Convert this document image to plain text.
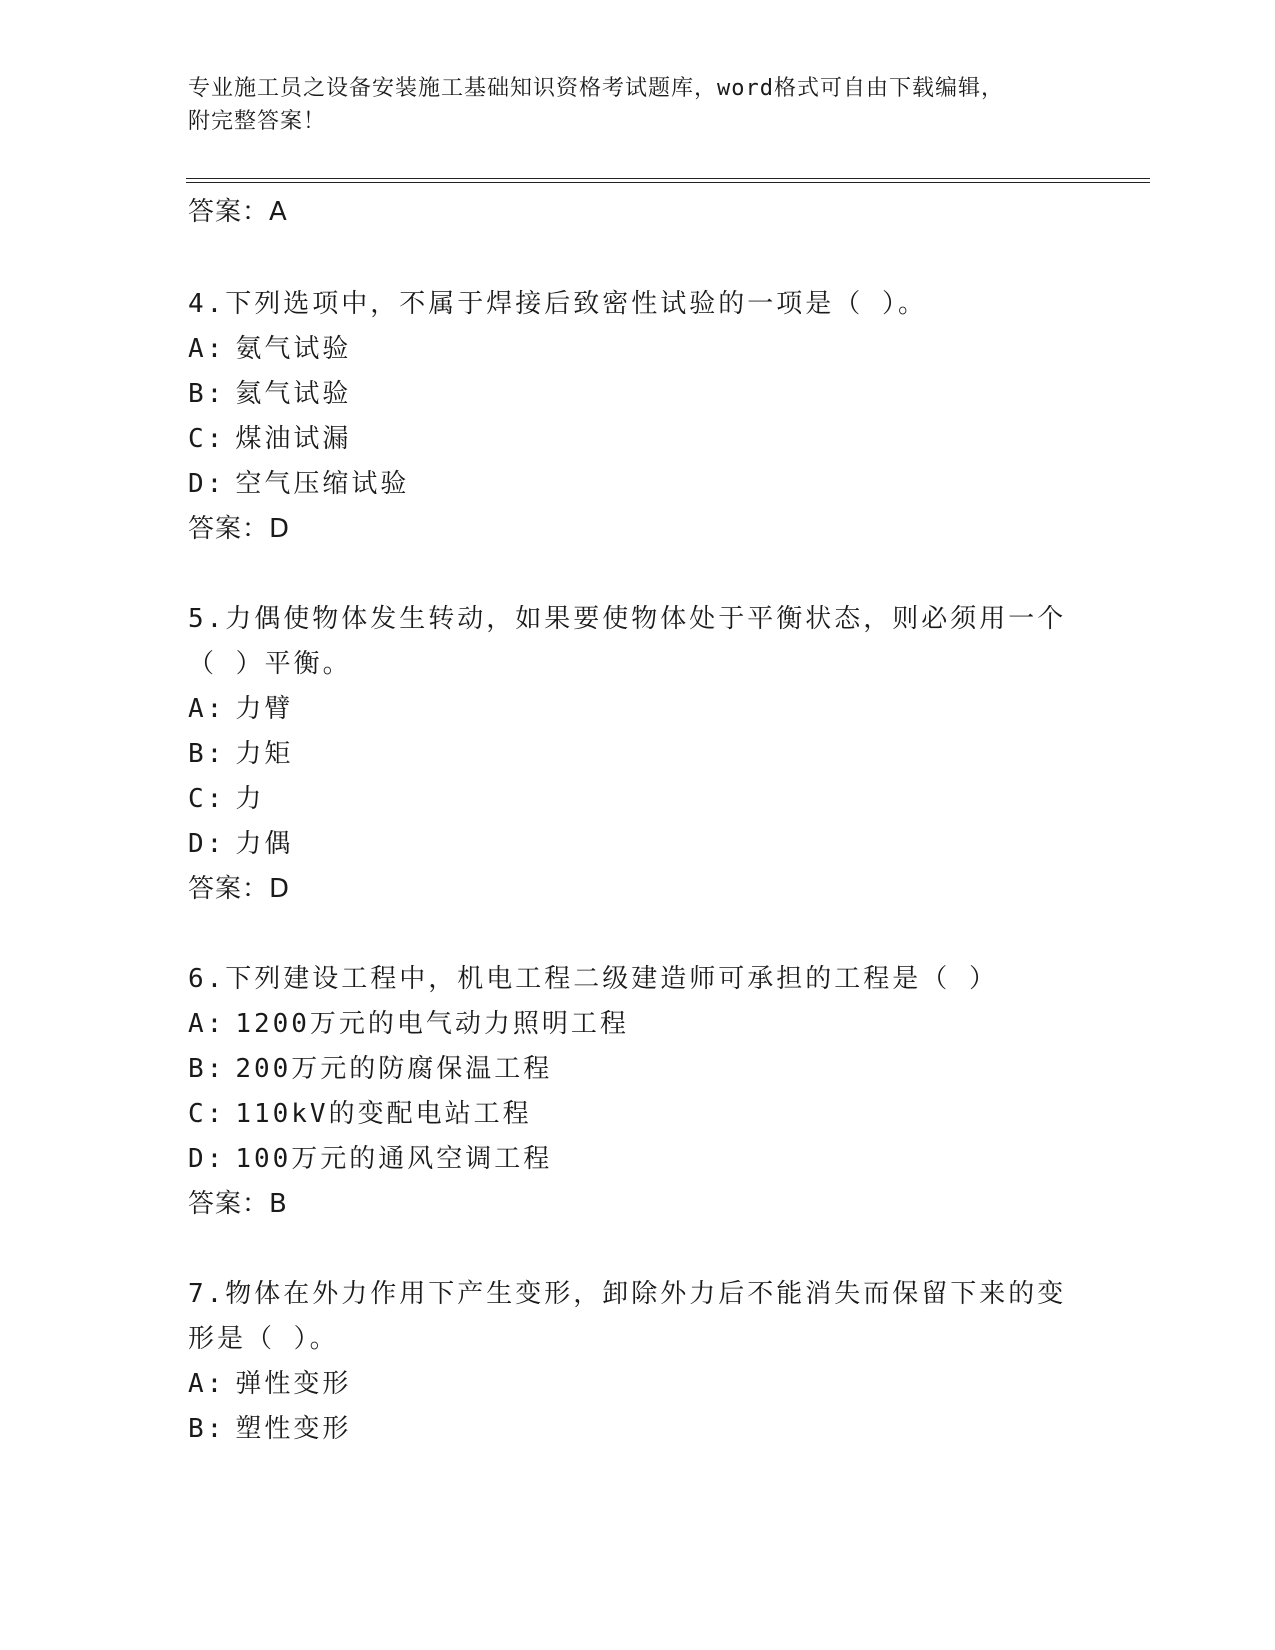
专业施工员之设备安装施工基础知识资格考试题库，word格式可自由下载编辑，
附完整答案！
答案：A
4.下列选项中，不属于焊接后致密性试验的一项是（ ）。
A: 氨气试验
B: 氦气试验
C: 煤油试漏
D: 空气压缩试验
答案：D
5.力偶使物体发生转动，如果要使物体处于平衡状态，则必须用一个（ ）平衡。
A: 力臂
B: 力矩
C: 力
D: 力偶
答案：D
6.下列建设工程中，机电工程二级建造师可承担的工程是（ ）
A: 1200万元的电气动力照明工程
B: 200万元的防腐保温工程
C: 110kV的变配电站工程
D: 100万元的通风空调工程
答案：B
7.物体在外力作用下产生变形，卸除外力后不能消失而保留下来的变形是（ ）。
A: 弹性变形
B: 塑性变形
